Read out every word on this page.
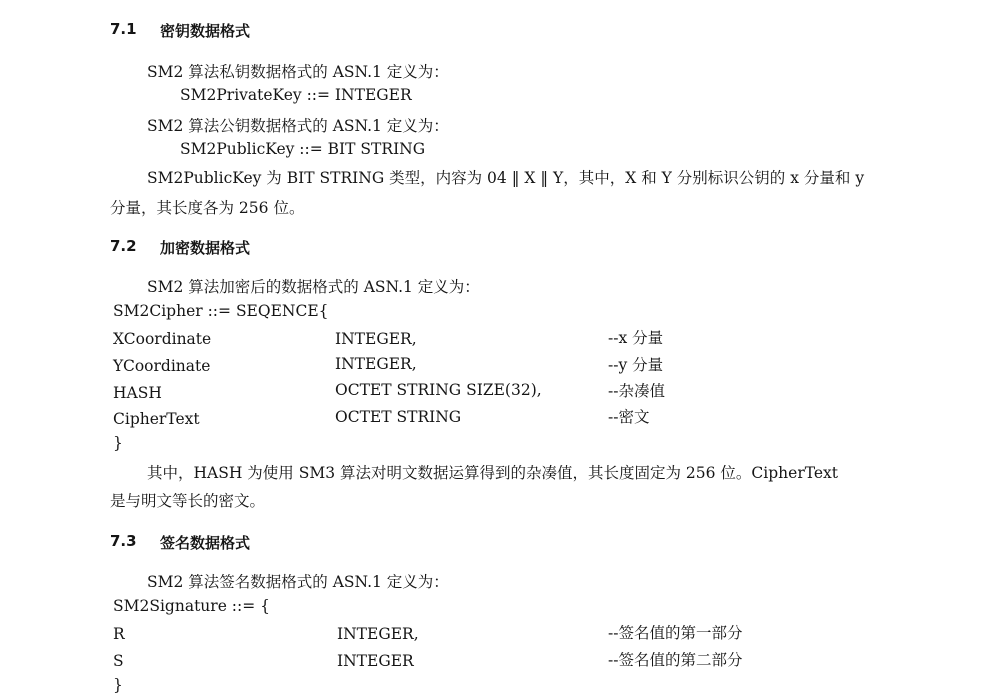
7.1 密钥数据格式
SM2 算法私钥数据格式的 ASN.1 定义为：
SM2PrivateKey ::= INTEGER
SM2 算法公钥数据格式的 ASN.1 定义为：
SM2PublicKey ::= BIT STRING
SM2PublicKey 为 BIT STRING 类型，内容为 04 ‖ X ‖ Y，其中，X 和 Y 分别标识公钥的 x 分量和 y
分量，其长度各为 256 位。
7.2 加密数据格式
SM2 算法加密后的数据格式的 ASN.1 定义为：
SM2Cipher ::= SEQENCE{
XCoordinate	INTEGER,	--x 分量
YCoordinate	INTEGER,	--y 分量
HASH	OCTET STRING SIZE(32),	--杂凑值
CipherText	OCTET STRING	--密文
}
其中，HASH 为使用 SM3 算法对明文数据运算得到的杂凑值，其长度固定为 256 位。CipherText
是与明文等长的密文。
7.3 签名数据格式
SM2 算法签名数据格式的 ASN.1 定义为：
SM2Signature ::= {
R	INTEGER,	--签名值的第一部分
S	INTEGER	--签名值的第二部分
}
